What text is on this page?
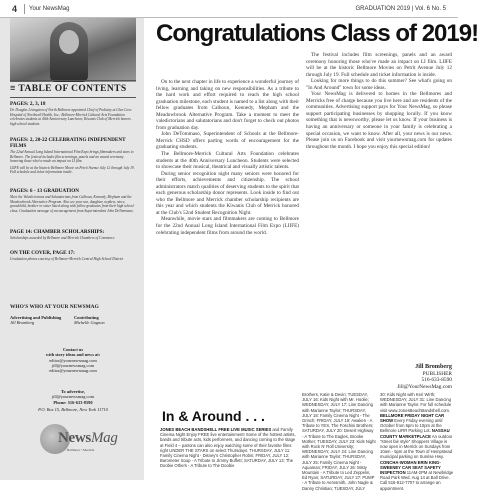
4 Your NewsMag	GRADUATION 2019 | Vol. 6 No. 5
≡ TABLE OF CONTENTS
PAGES: 2, 3, 18
Dr. Douglas Livingston of North Bellmore appointed Chief of Podiatry at Glen Cove Hospital of Northwell Health, Inc.; Bellmore-Merrick Cultural Arts Foundation celebrates students at 40th Anniversary Luncheon; Kiwanis Club of Merrick honors high school students
PAGES: 2, 20-22 CELEBRATING INDEPENDENT FILMS
The 22nd Annual Long Island International Film Expo brings filmmakers and stars to Bellmore. The festival includes film screenings, panels and an award ceremony honoring those who've made an impact on LI film.
LIIFE will be at the historic Bellmore Movie on Petrit Avenue July 12 through July 19. Full schedule and ticket information inside.
PAGES: 6 - 13 GRADUATION
Meet the Valedictorians and Salutatorians from Calhoun, Kennedy, Mepham and the Meadowbrook Alternative Program. Also see your son, daughter, nephew, niece, grandchild, brother or sister listed along with fellow graduates from their high school class; Graduation message of encouragement from Superintendent John DeTommaso.
PAGE 14: CHAMBER SCHOLARSHIPS:
Scholarships awarded by Bellmore and Merrick Chambers of Commerce
ON THE COVER, PAGE 17:
Graduation photos courtesy of Bellmore-Merrick Central High School District
WHO'S WHO AT YOUR NEWSMAG
Advertising and Publishing
Jill Bromberg
Contributing
Michelle Gagnon
Contact us
with story ideas and news at:
editor@yournewsmag.com
jill@yournewsmag.com
editor@yournewsmag.com
To advertise,
jill@yournewsmag.com
Phone: 516-633-8590
P.O. Box 15, Bellmore, New York 11710
NewsMag
Bellmore • Merrick
Congratulations Class of 2019!

On to the next chapter in life to experience a wonderful journey of living, learning and taking on new responsibilities. As a tribute to the hard work and effort required to reach the high school graduation milestone, each student is named to a list along with their fellow graduates from Calhoun, Kennedy, Mepham and the Meadowbrook Alternative Program. Take a moment to meet the valedictorians and salutatorians and don't forget to check out photos from graduation day.

John DeTommaso, Superintendent of Schools at the Bellmore-Merrick CHSD offers parting words of encouragement for the graduating students.

The Bellmore-Merrick Cultural Arts Foundation celebrates students at the 40th Anniversary Luncheon. Students were selected to showcase their musical, theatrical and visually artistic talents.

During senior recognition night many seniors were honored for their efforts, achievements and citizenship. The school administrators match qualities of deserving students to the spirit that each generous scholarship donor represents. Look inside to find out who the Bellmore and Merrick chamber scholarship recipients are this year and which students the Kiwanis Club of Merrick honored at the Club's 52nd Student Recognition Night.

Meanwhile, movie stars and filmmakers are coming to Bellmore for the 22nd Annual Long Island International Film Expo (LIIFE) celebrating independent films from around the world.

The festival includes film screenings, panels and an award ceremony honoring those who've made an impact on LI film. LIIFE will be at the historic Bellmore Movies on Petrit Avenue July 12 through July 19. Full schedule and ticket information is inside.

Looking for more things to do this summer? See what's going on "In And Around" town for some ideas.

Your NewsMag is delivered to homes in the Bellmores and Merricks free of charge because you live here and are residents of the communities. Advertising support pays for Your NewsMag, so please support participating businesses by shopping locally. If you know something that is newsworthy, please let us know. If your business is having an anniversary or someone in your family is celebrating a special occasion, we want to know. After all, your news is our news. Please join us on Facebook and visit yournewsmag.com for updates throughout the month. I hope you enjoy this special edition!

Jill Bromberg
PUBLISHER
516-633-8590
Jill@YourNewsMag.com
In & Around . . .
JONES BEACH BANDSHELL FREE LIVE MUSIC SERIES and Family Cinema Night Enjoy FREE live entertainment! Some of the hottest artists, bands and tribute acts, kids performers, and dancing coming to the stage at Field 4 – patrons can also enjoy watching some of their favorite films right UNDER THE STARS on select Thursdays. THURSDAY, JULY 11: Family Cinema Night - Disney's Christopher Robin; FRIDAY, JULY 12: Barometer Soup - A Tribute to Jimmy Buffett; SATURDAY, JULY 13: The Doobie Others - A Tribute to The Doobie
Brothers, Katie & Devin; TUESDAY, JULY 16: Kids Night with Mr. Hoolie; WEDNESDAY, JULY 17: Line Dancing with Marianne Taylor; THURSDAY, JULY 18: Family Cinema Night - The Grinch; FRIDAY, JULY 19: Awaken - A Tribute to YES, The Foschini Brothers; SATURDAY, JULY 20: Desert Highway - A Tribute to The Eagles, Brooke Mother; TUESDAY, JULY 23: Kids Night with Rock N' Roll University; WEDNESDAY, JULY 24: Line Dancing with Marianne Taylor; THURSDAY, JULY 25: Family Cinema Night - Aquaman; FRIDAY, JULY 26: Misty Mountain - A Tribute to Led Zeppelin, Ed Ryan; SATURDAY, JULY 27: PUMP - A Tribute to Aerosmith, John Nagle & Danny Christian; TUESDAY, JULY
30: Kids Night with Keri Wirth; WEDNESDAY, JULY 31: Line Dancing with Marianne Taylor. For full schedule visit www.JonesBeachBandshell.com. BELLMORE FRIDAY NIGHT CAR SHOW Every Friday evening until October from 6pm to 10pm at the Bellmore LIRR Parking Lot. NASSAU COUNTY MARKETPLACE An outdoor "street fair style" Shoppers Village is now open in Merrick on Sundays from 10am - 5pm at the Town of Hempstead municipal parking on Sunrise Hwy. CONCHA-WOMAN ERIN KING-SWEENEY CAR SEAT SAFETY INSPECTION 11AM-2PM at Newbridge Road Park Wed. Aug 14 at Ball Drive. Call 516-812-7707 to arrange an appointment.
